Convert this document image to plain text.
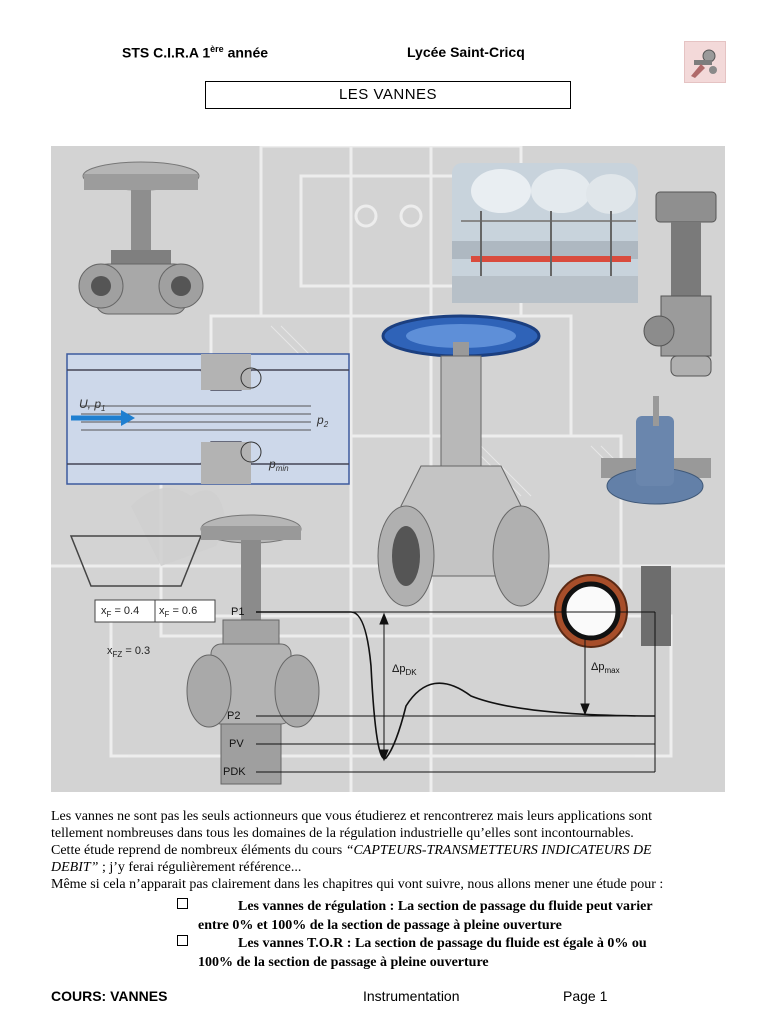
STS C.I.R.A 1ère année	Lycée Saint-Cricq
LES VANNES
U, $p_1$
$p_2$
$p_{min}$
$x_F = 0.4$ $x_F = 0.6$
$x_{FZ} = 0.3$
P1
P2
PV
PDK
$\Delta p_{DK}$	$\Delta p_{max}$

Les vannes ne sont pas les seuls actionneurs que vous étudierez et rencontrerez mais leurs applications sont

tellement nombreuses dans tous les domaines de la régulation industrielle qu’elles sont incontournables.

Cette étude reprend de nombreux éléments du cours “CAPTEURS-TRANSMETTEURS INDICATEURS DE

DEBIT” ; j’y ferai régulièrement référence...

Même si cela n’apparait pas clairement dans les chapitres qui vont suivre, nous allons mener une étude pour :

Les vannes de régulation : La section de passage du fluide peut varier
entre 0% et 100% de la section de passage à pleine ouverture
Les vannes T.O.R : La section de passage du fluide est égale à 0% ou
100% de la section de passage à pleine ouverture
COURS: VANNES	Instrumentation	Page 1
